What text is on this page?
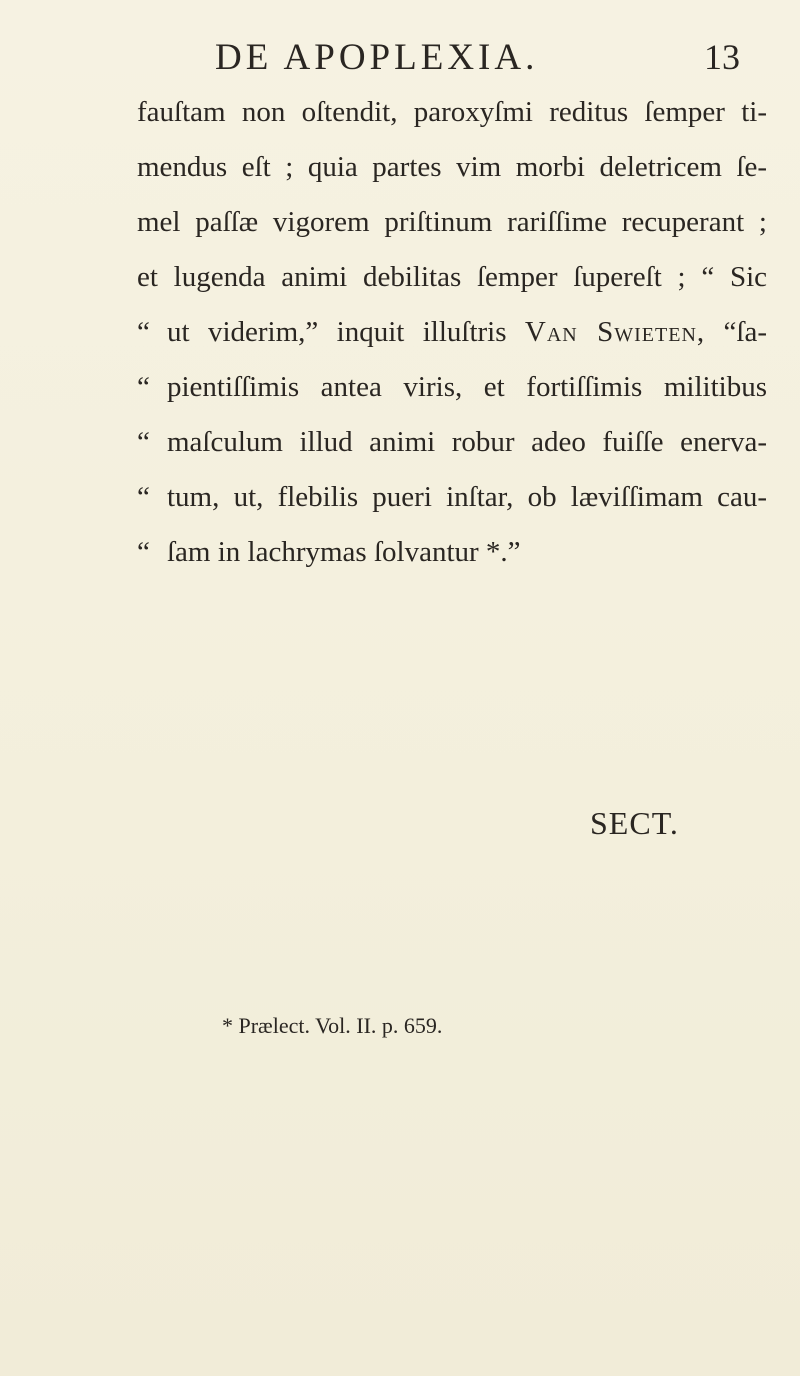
DE APOPLEXIA.	13
fauſtam non oſtendit, paroxyſmi reditus ſemper ti-
mendus eſt ; quia partes vim morbi deletricem ſe-
mel paſſæ vigorem priſtinum rariſſime recuperant ;
et lugenda animi debilitas ſemper ſupereſt ; “ Sic
“ ut viderim,” inquit illuſtris Van Swieten, “ſa-
“ pientiſſimis antea viris, et fortiſſimis militibus
“ maſculum illud animi robur adeo fuiſſe enerva-
“ tum, ut, flebilis pueri inſtar, ob læviſſimam cau-
“ ſam in lachrymas ſolvantur *.”
SECT.
* Prælect. Vol. II. p. 659.
